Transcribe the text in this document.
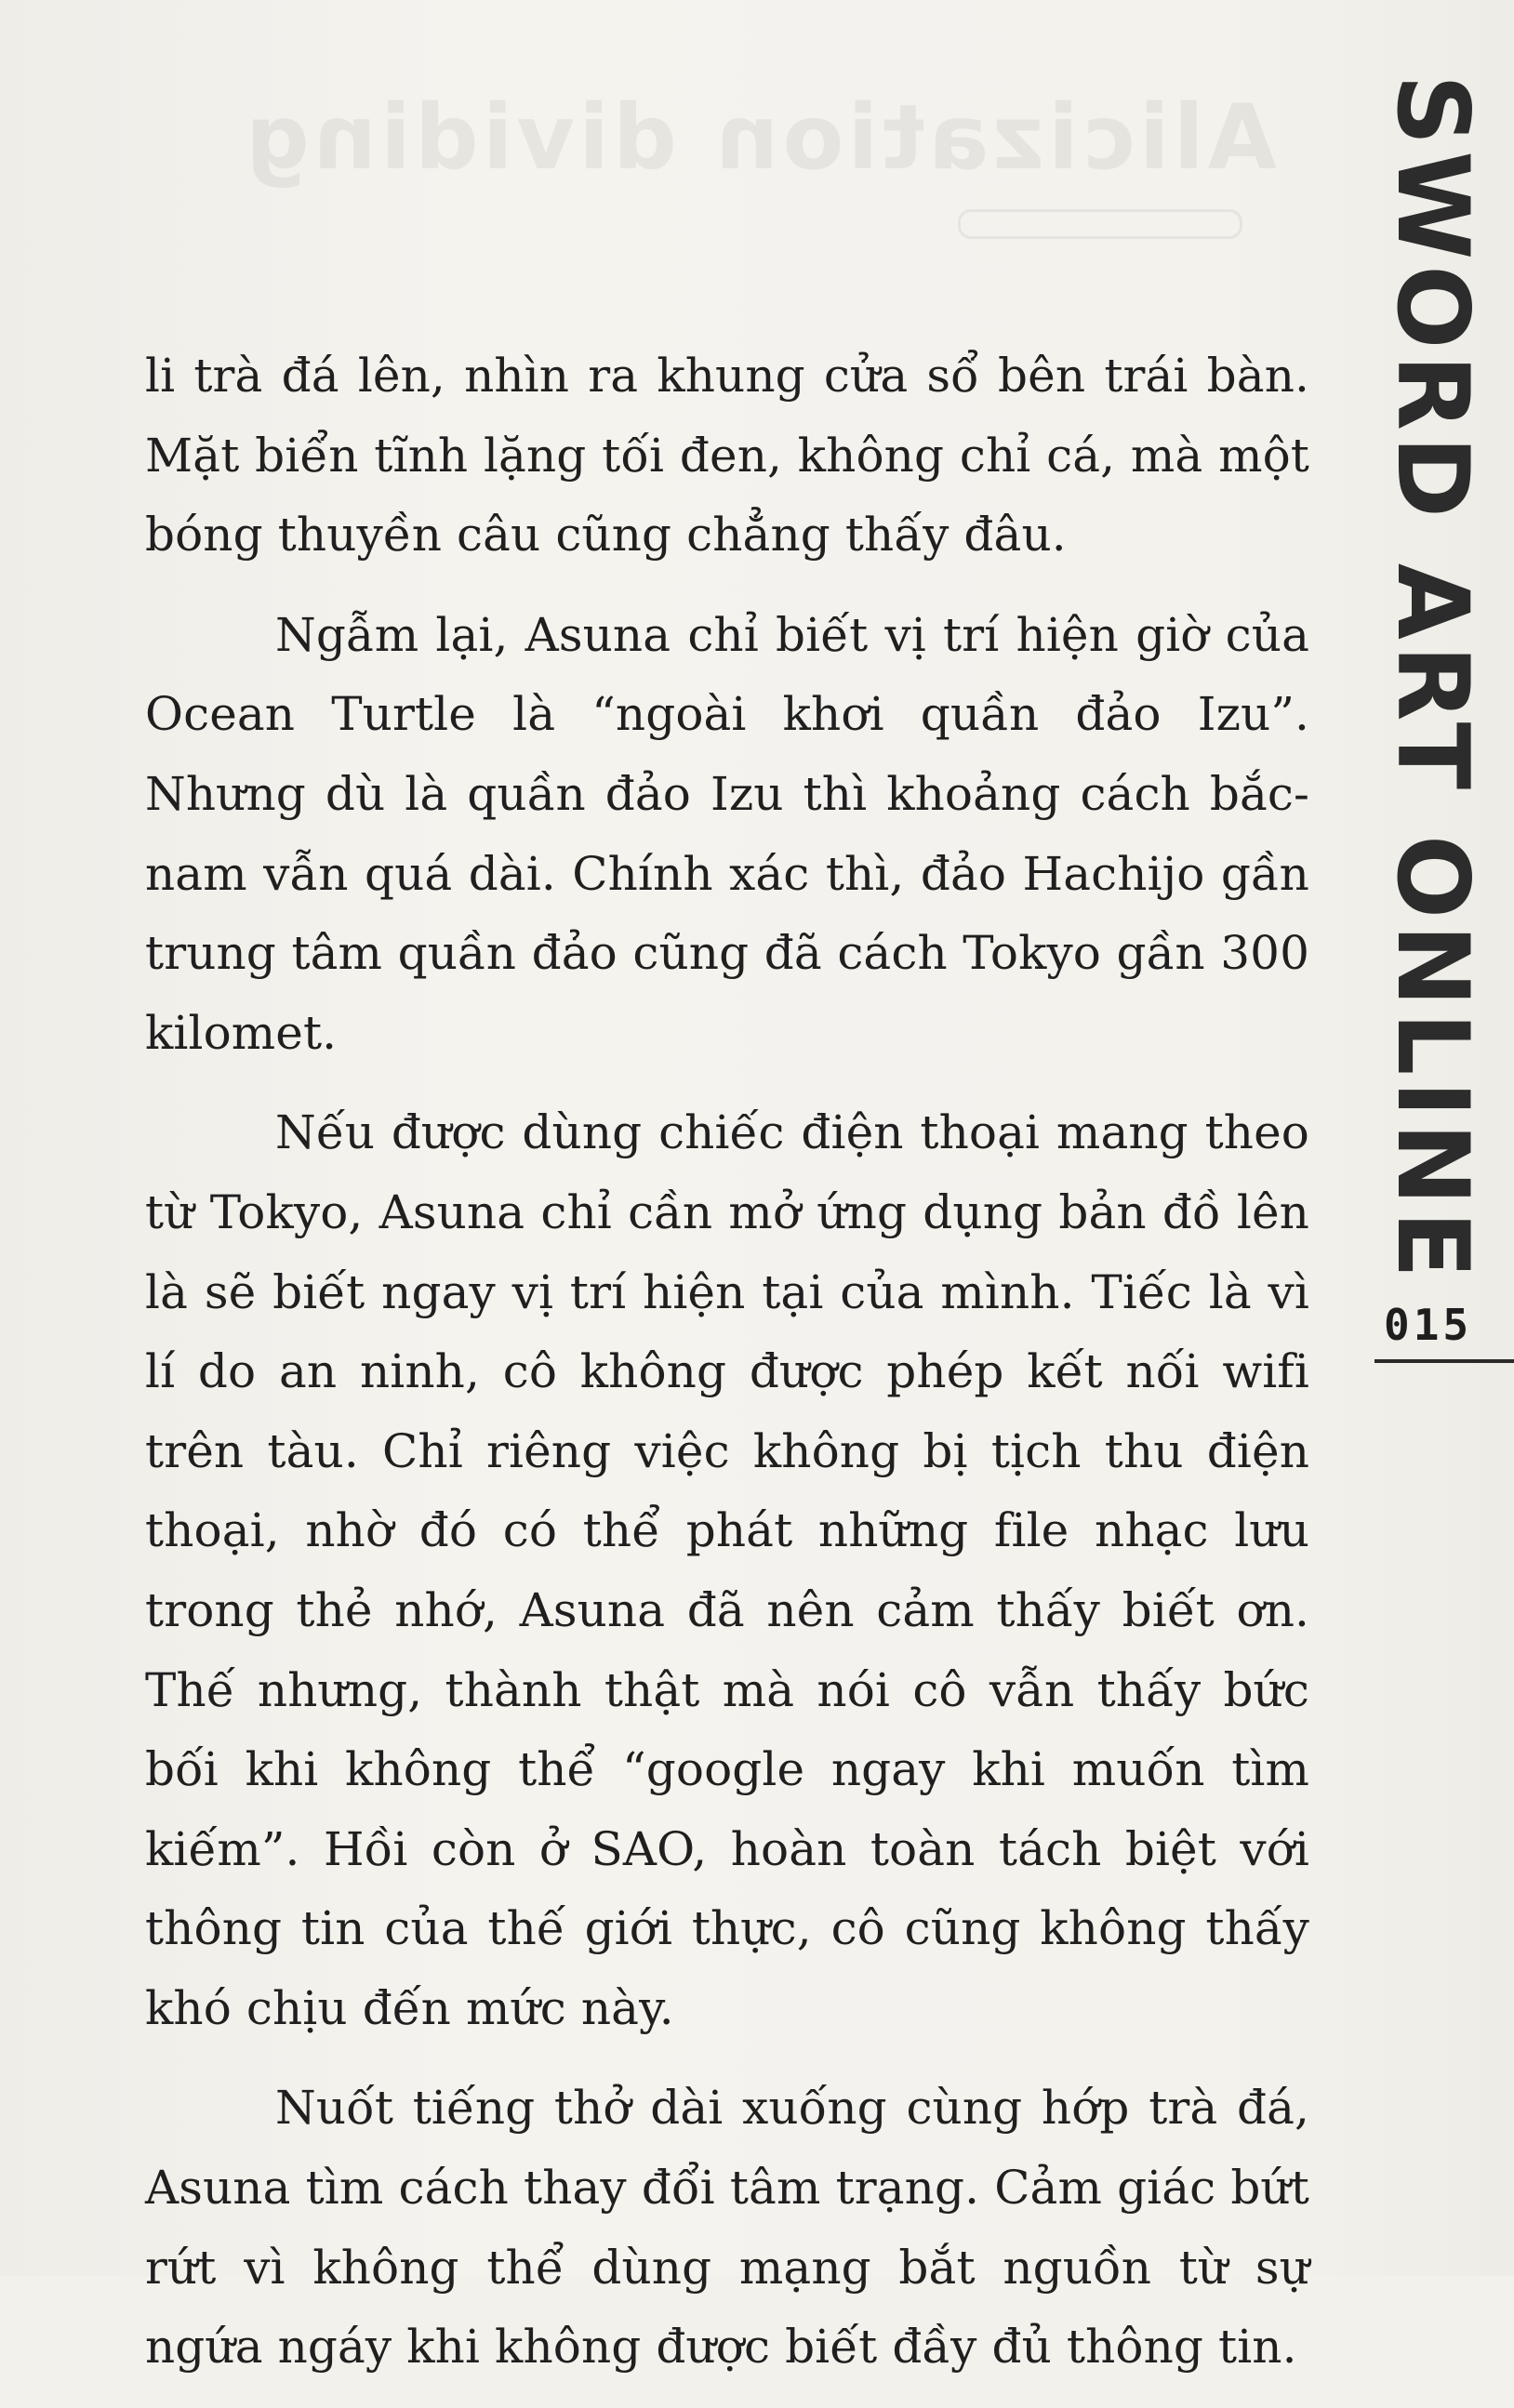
Alicization dividing

li trà đá lên, nhìn ra khung cửa sổ bên trái bàn. Mặt biển tĩnh lặng tối đen, không chỉ cá, mà một bóng thuyền câu cũng chẳng thấy đâu.

Ngẫm lại, Asuna chỉ biết vị trí hiện giờ của Ocean Turtle là “ngoài khơi quần đảo Izu”. Nhưng dù là quần đảo Izu thì khoảng cách bắc-nam vẫn quá dài. Chính xác thì, đảo Hachijo gần trung tâm quần đảo cũng đã cách Tokyo gần 300 kilomet.

Nếu được dùng chiếc điện thoại mang theo từ Tokyo, Asuna chỉ cần mở ứng dụng bản đồ lên là sẽ biết ngay vị trí hiện tại của mình. Tiếc là vì lí do an ninh, cô không được phép kết nối wifi trên tàu. Chỉ riêng việc không bị tịch thu điện thoại, nhờ đó có thể phát những file nhạc lưu trong thẻ nhớ, Asuna đã nên cảm thấy biết ơn. Thế nhưng, thành thật mà nói cô vẫn thấy bức bối khi không thể “google ngay khi muốn tìm kiếm”. Hồi còn ở SAO, hoàn toàn tách biệt với thông tin của thế giới thực, cô cũng không thấy khó chịu đến mức này.

Nuốt tiếng thở dài xuống cùng hớp trà đá, Asuna tìm cách thay đổi tâm trạng. Cảm giác bứt rứt vì không thể dùng mạng bắt nguồn từ sự ngứa ngáy khi không được biết đầy đủ thông tin.

SWORD ART ONLINE
015
